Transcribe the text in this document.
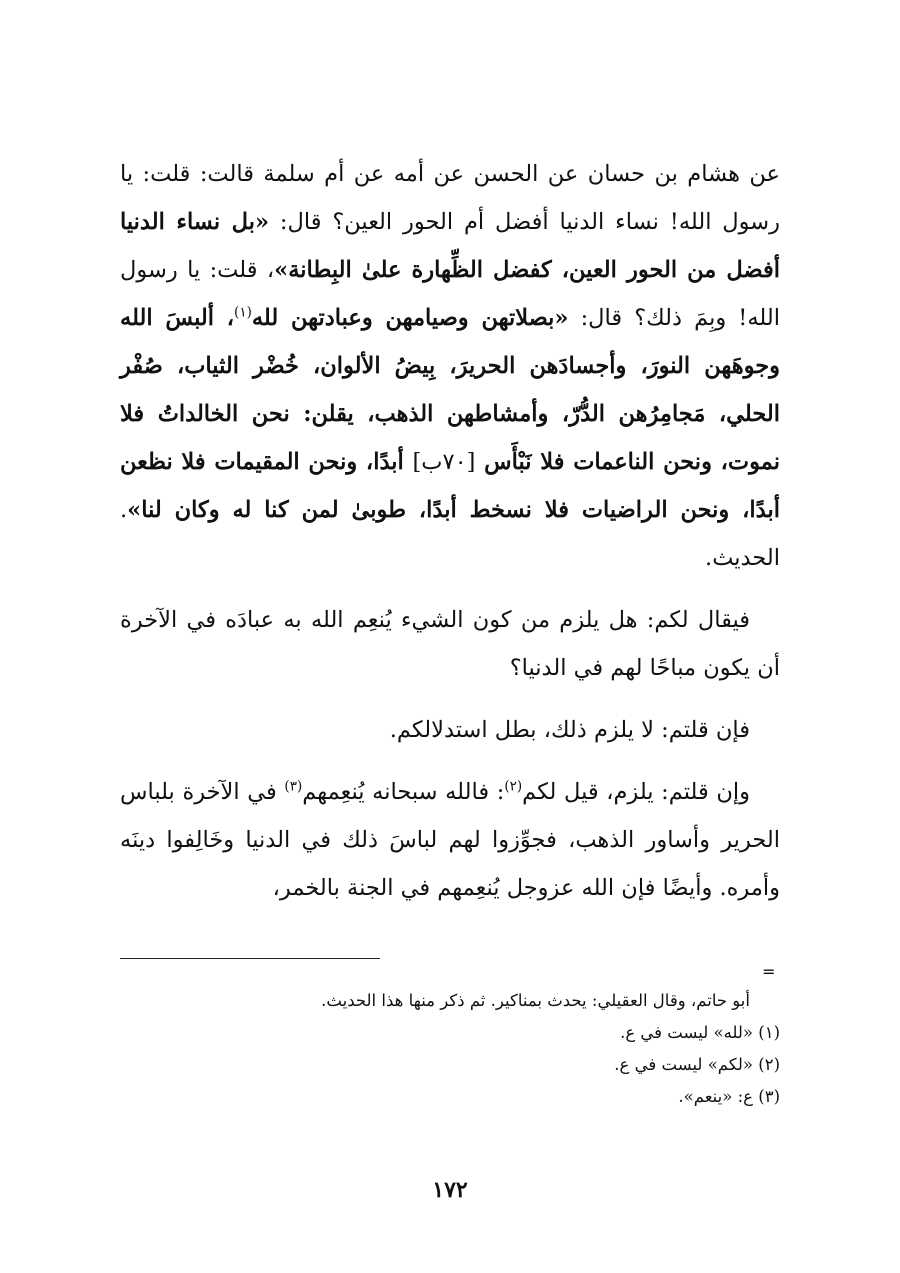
عن هشام بن حسان عن الحسن عن أمه عن أم سلمة قالت: قلت: يا رسول الله! نساء الدنيا أفضل أم الحور العين؟ قال: «بل نساء الدنيا أفضل من الحور العين، كفضل الظِّهارة علىٰ البِطانة»، قلت: يا رسول الله! وبِمَ ذلك؟ قال: «بصلاتهن وصيامهن وعبادتهن لله$^{(١)}$، ألبسَ الله وجوهَهن النورَ، وأجسادَهن الحريرَ، بِيضُ الألوان، خُضْر الثياب، صُفْر الحلي، مَجامِرُهن الدُّرّ، وأمشاطهن الذهب، يقلن: نحن الخالداتُ فلا نموت، ونحن الناعمات فلا نَبْأَس [٧٠ب] أبدًا، ونحن المقيمات فلا نظعن أبدًا، ونحن الراضيات فلا نسخط أبدًا، طوبىٰ لمن كنا له وكان لنا». الحديث.

فيقال لكم: هل يلزم من كون الشيء يُنعِم الله به عبادَه في الآخرة أن يكون مباحًا لهم في الدنيا؟

فإن قلتم: لا يلزم ذلك، بطل استدلالكم.

وإن قلتم: يلزم، قيل لكم$^{(٢)}$: فالله سبحانه يُنعِمهم$^{(٣)}$ في الآخرة بلباس الحرير وأساور الذهب، فجوِّزوا لهم لباسَ ذلك في الدنيا وخَالِفوا دينَه وأمره. وأيضًا فإن الله عزوجل يُنعِمهم في الجنة بالخمر،

=
أبو حاتم، وقال العقيلي: يحدث بمناكير. ثم ذكر منها هذا الحديث.
(١) «لله» ليست في ع.
(٢) «لكم» ليست في ع.
(٣) ع: «ينعم».
١٧٢
